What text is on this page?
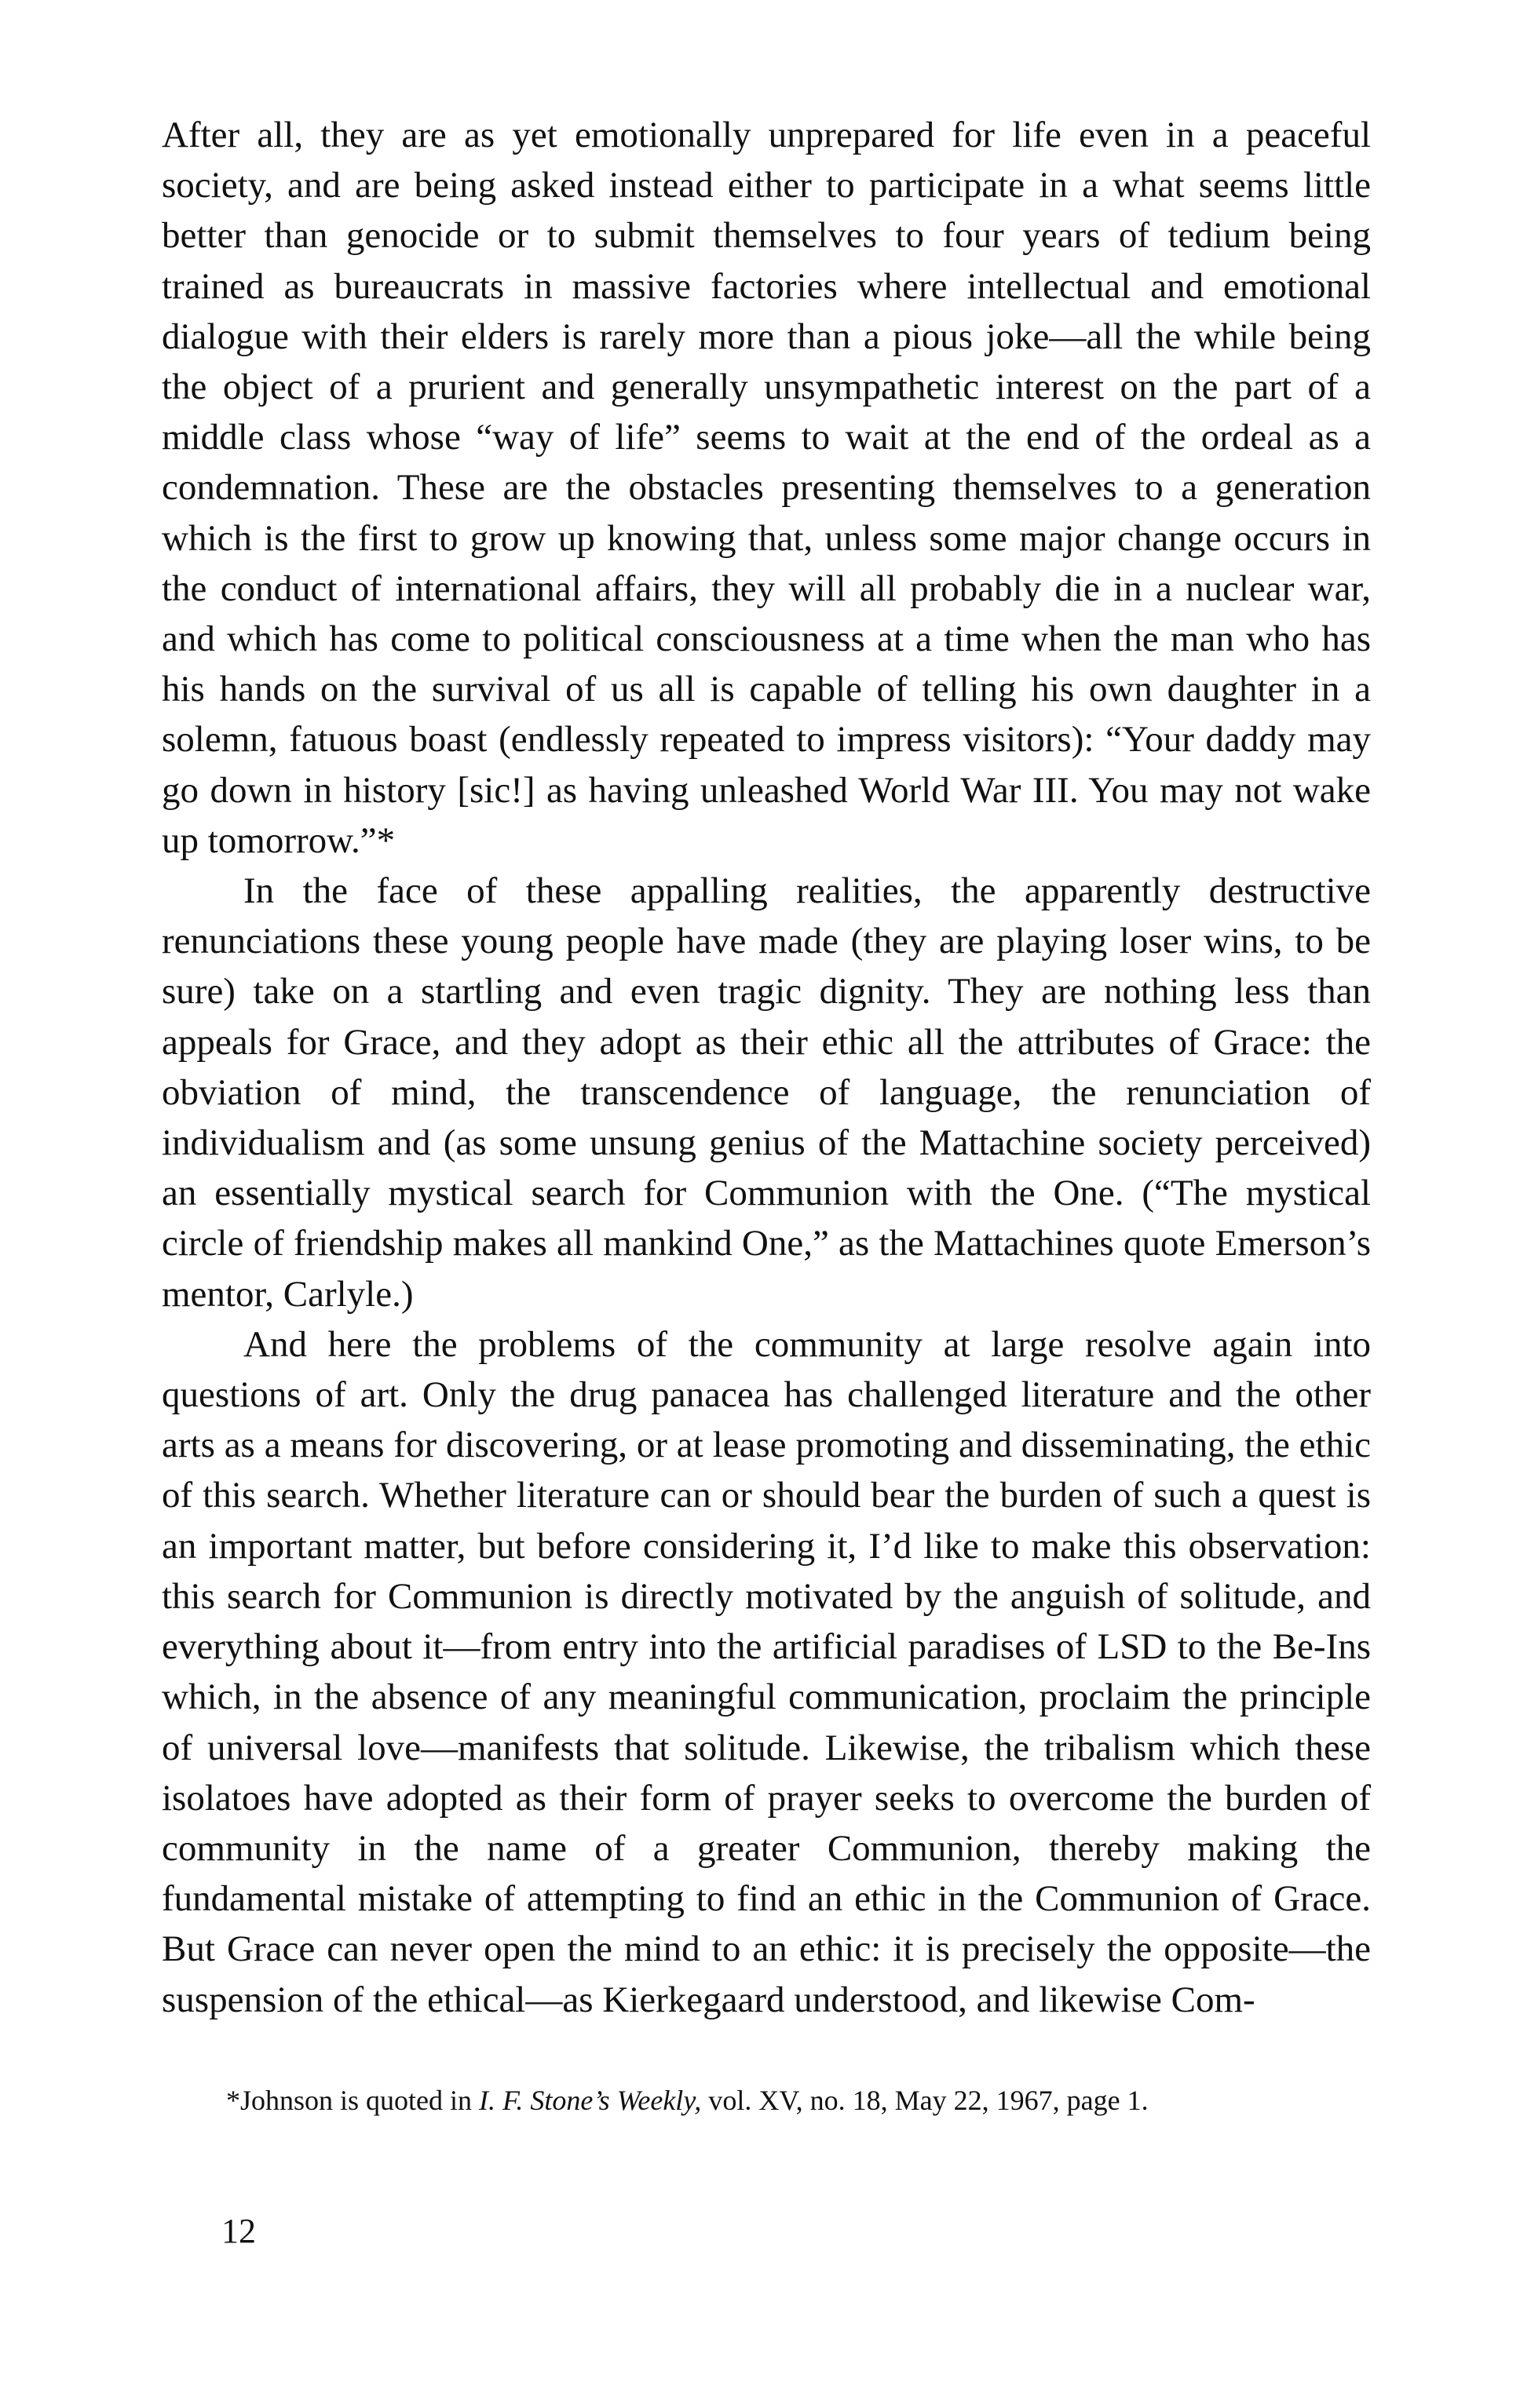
After all, they are as yet emotionally unprepared for life even in a peaceful society, and are being asked instead either to participate in a what seems little better than genocide or to submit themselves to four years of tedium being trained as bureaucrats in massive factories where intellectual and emotional dialogue with their elders is rarely more than a pious joke—all the while being the object of a prurient and generally unsympathetic interest on the part of a middle class whose “way of life” seems to wait at the end of the ordeal as a condemnation. These are the obstacles presenting themselves to a generation which is the first to grow up knowing that, unless some major change occurs in the conduct of international affairs, they will all probably die in a nuclear war, and which has come to political consciousness at a time when the man who has his hands on the survival of us all is capable of telling his own daughter in a solemn, fatuous boast (endlessly repeated to impress visitors): “Your daddy may go down in history [sic!] as having unleashed World War III. You may not wake up tomorrow.”*

In the face of these appalling realities, the apparently destructive renunciations these young people have made (they are playing loser wins, to be sure) take on a startling and even tragic dignity. They are nothing less than appeals for Grace, and they adopt as their ethic all the attributes of Grace: the obviation of mind, the transcendence of language, the renunciation of individualism and (as some unsung genius of the Mattachine society perceived) an essentially mystical search for Communion with the One. (“The mystical circle of friendship makes all mankind One,” as the Mattachines quote Emerson’s mentor, Carlyle.)

And here the problems of the community at large resolve again into questions of art. Only the drug panacea has challenged literature and the other arts as a means for discovering, or at lease promoting and disseminating, the ethic of this search. Whether literature can or should bear the burden of such a quest is an important matter, but before considering it, I’d like to make this observation: this search for Communion is directly motivated by the anguish of solitude, and everything about it—from entry into the artificial paradises of LSD to the Be-Ins which, in the absence of any meaningful communication, proclaim the principle of universal love—manifests that solitude. Likewise, the tribalism which these isolatoes have adopted as their form of prayer seeks to overcome the burden of community in the name of a greater Communion, thereby making the fundamental mistake of attempting to find an ethic in the Communion of Grace. But Grace can never open the mind to an ethic: it is precisely the opposite—the suspension of the ethical—as Kierkegaard understood, and likewise Com-

*Johnson is quoted in I. F. Stone’s Weekly, vol. XV, no. 18, May 22, 1967, page 1.
12
